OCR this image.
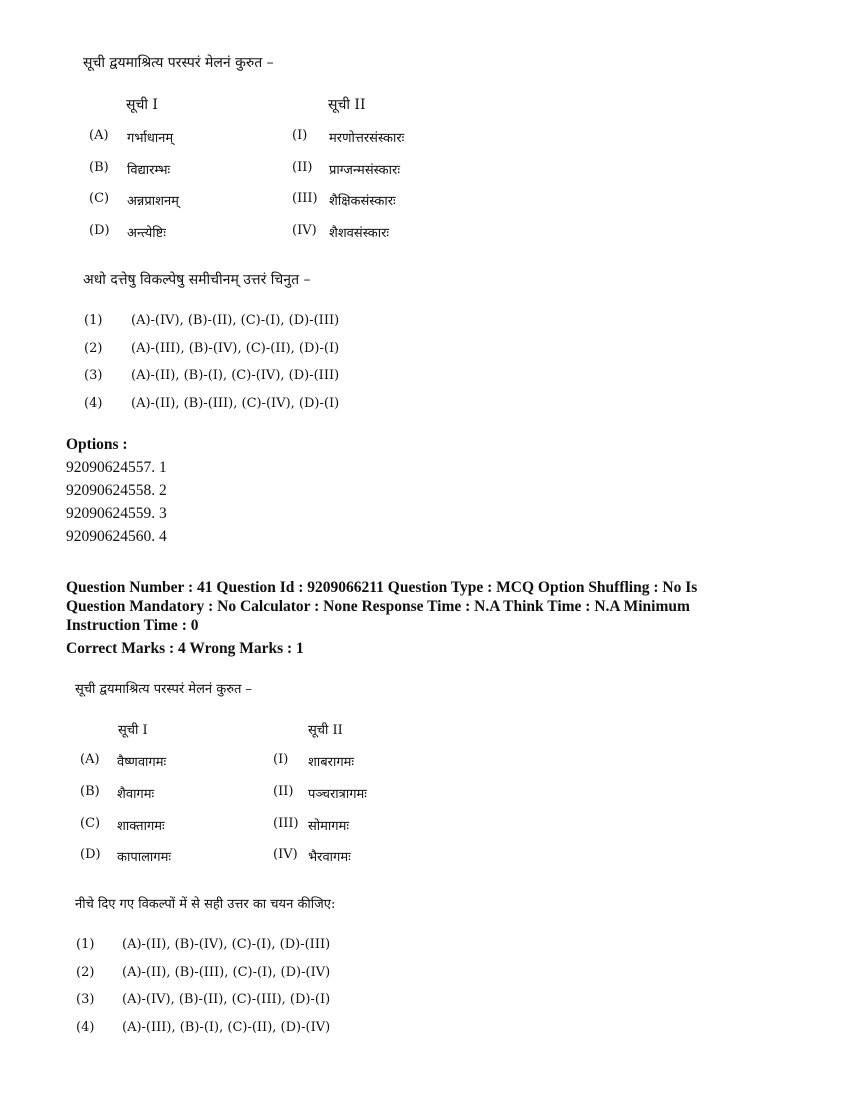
सूची द्वयमाश्रित्य परस्परं मेलनं कुरुत –
सूची I	सूची II
(A) गर्भाधानम्	(I) मरणोत्तरसंस्कारः
(B) विद्यारम्भः	(II) प्राग्जन्मसंस्कारः
(C) अन्नप्राशनम्	(III) शैक्षिकसंस्कारः
(D) अन्त्येष्टिः	(IV) शैशवसंस्कारः
अधो दत्तेषु विकल्पेषु समीचीनम् उत्तरं चिनुत –
(1) (A)-(IV), (B)-(II), (C)-(I), (D)-(III)
(2) (A)-(III), (B)-(IV), (C)-(II), (D)-(I)
(3) (A)-(II), (B)-(I), (C)-(IV), (D)-(III)
(4) (A)-(II), (B)-(III), (C)-(IV), (D)-(I)
Options :
92090624557. 1
92090624558. 2
92090624559. 3
92090624560. 4
Question Number : 41 Question Id : 9209066211 Question Type : MCQ Option Shuffling : No Is
Question Mandatory : No Calculator : None Response Time : N.A Think Time : N.A Minimum
Instruction Time : 0
Correct Marks : 4 Wrong Marks : 1
सूची द्वयमाश्रित्य परस्परं मेलनं कुरुत –
सूची I	सूची II
(A) वैष्णवागमः	(I) शाबरागमः
(B) शैवागमः	(II) पञ्चरात्रागमः
(C) शाक्तागमः	(III) सोमागमः
(D) कापालागमः	(IV) भैरवागमः
नीचे दिए गए विकल्पों में से सही उत्तर का चयन कीजिए:
(1) (A)-(II), (B)-(IV), (C)-(I), (D)-(III)
(2) (A)-(II), (B)-(III), (C)-(I), (D)-(IV)
(3) (A)-(IV), (B)-(II), (C)-(III), (D)-(I)
(4) (A)-(III), (B)-(I), (C)-(II), (D)-(IV)
